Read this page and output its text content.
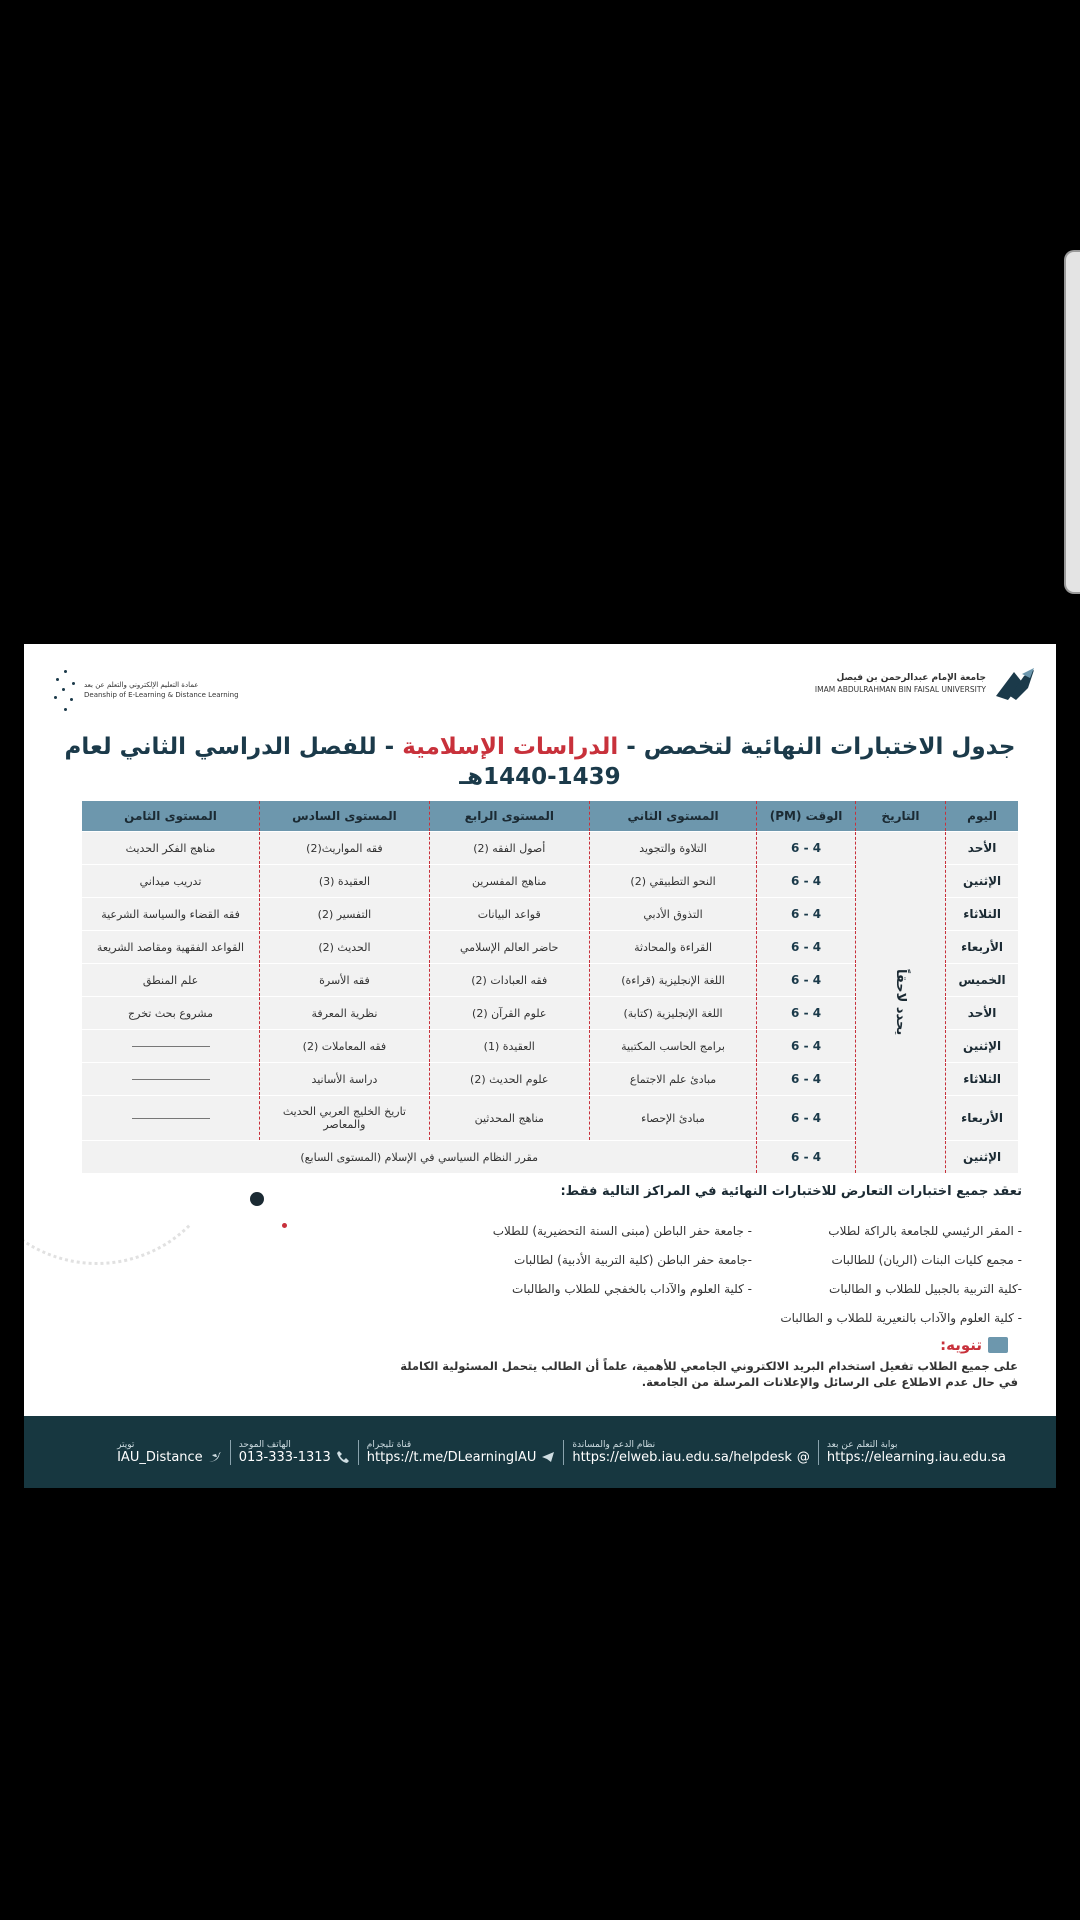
عمادة التعليم الإلكتروني والتعلم عن بعد
Deanship of E-Learning & Distance Learning
جامعة الإمام عبدالرحمن بن فيصل
IMAM ABDULRAHMAN BIN FAISAL UNIVERSITY
جدول الاختبارات النهائية لتخصص - الدراسات الإسلامية - للفصل الدراسي الثاني لعام 1439-1440هـ
اليوم	التاريخ	الوقت (PM)	المستوى الثاني	المستوى الرابع	المستوى السادس	المستوى الثامن
الأحد	يحدد لاحقاً	4 - 6	التلاوة والتجويد	أصول الفقه (2)	فقه المواريث(2)	مناهج الفكر الحديث
الإثنين		4 - 6	النحو التطبيقي (2)	مناهج المفسرين	العقيدة (3)	تدريب ميداني
الثلاثاء		4 - 6	التذوق الأدبي	قواعد البيانات	التفسير (2)	فقه القضاء والسياسة الشرعية
الأربعاء		4 - 6	القراءة والمحادثة	حاضر العالم الإسلامي	الحديث (2)	القواعد الفقهية ومقاصد الشريعة
الخميس		4 - 6	اللغة الإنجليزية (قراءة)	فقه العبادات (2)	فقه الأسرة	علم المنطق
الأحد		4 - 6	اللغة الإنجليزية (كتابة)	علوم القرآن (2)	نظرية المعرفة	مشروع بحث تخرج
الإثنين		4 - 6	برامج الحاسب المكتبية	العقيدة (1)	فقه المعاملات (2)	
الثلاثاء		4 - 6	مبادئ علم الاجتماع	علوم الحديث (2)	دراسة الأسانيد	
الأربعاء		4 - 6	مبادئ الإحصاء	مناهج المحدثين	تاريخ الخليج العربي الحديث والمعاصر	
الإثنين		4 - 6	مقرر النظام السياسي في الإسلام (المستوى السابع)			
تعقد جميع اختبارات التعارض للاختبارات النهائية في المراكز التالية فقط:
- المقر الرئيسي للجامعة بالراكة لطلاب
- جامعة حفر الباطن (مبنى السنة التحضيرية) للطلاب
- مجمع كليات البنات (الريان) للطالبات
-جامعة حفر الباطن (كلية التربية الأدبية) لطالبات
-كلية التربية بالجبيل للطلاب و الطالبات
- كلية العلوم والآداب بالخفجي للطلاب والطالبات
- كلية العلوم والآداب بالنعيرية للطلاب و الطالبات
تنويه:
على جميع الطلاب تفعيل استخدام البريد الالكتروني الجامعي للأهمية، علماً أن الطالب يتحمل المسئولية الكاملة في حال عدم الاطلاع على الرسائل والإعلانات المرسلة من الجامعة.
بوابة التعلم عن بعد
https://elearning.iau.edu.sa
نظام الدعم والمساندة
https://elweb.iau.edu.sa/helpdesk @
قناة تليجرام
https://t.me/DLearningIAU
الهاتف الموحد
013-333-1313
تويتر
IAU_Distance
